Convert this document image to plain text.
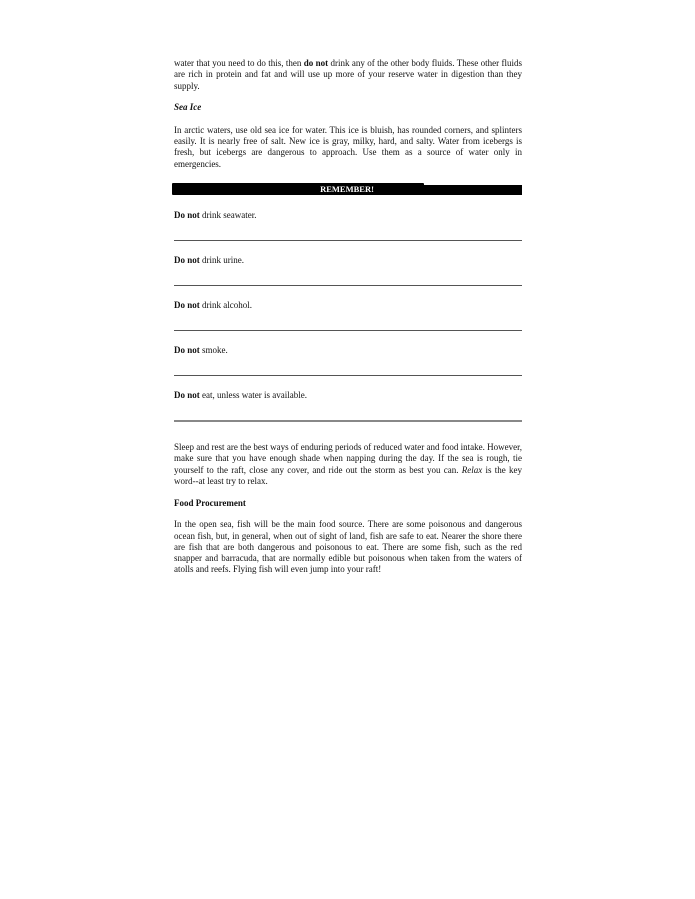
water that you need to do this, then do not drink any of the other body fluids. These other fluids are rich in protein and fat and will use up more of your reserve water in digestion than they supply.

Sea Ice

In arctic waters, use old sea ice for water. This ice is bluish, has rounded corners, and splinters easily. It is nearly free of salt. New ice is gray, milky, hard, and salty. Water from icebergs is fresh, but icebergs are dangerous to approach. Use them as a source of water only in emergencies.

REMEMBER!
Do not drink seawater.
Do not drink urine.
Do not drink alcohol.
Do not smoke.
Do not eat, unless water is available.

Sleep and rest are the best ways of enduring periods of reduced water and food intake. However, make sure that you have enough shade when napping during the day. If the sea is rough, tie yourself to the raft, close any cover, and ride out the storm as best you can. Relax is the key word--at least try to relax.

Food Procurement

In the open sea, fish will be the main food source. There are some poisonous and dangerous ocean fish, but, in general, when out of sight of land, fish are safe to eat. Nearer the shore there are fish that are both dangerous and poisonous to eat. There are some fish, such as the red snapper and barracuda, that are normally edible but poisonous when taken from the waters of atolls and reefs. Flying fish will even jump into your raft!
